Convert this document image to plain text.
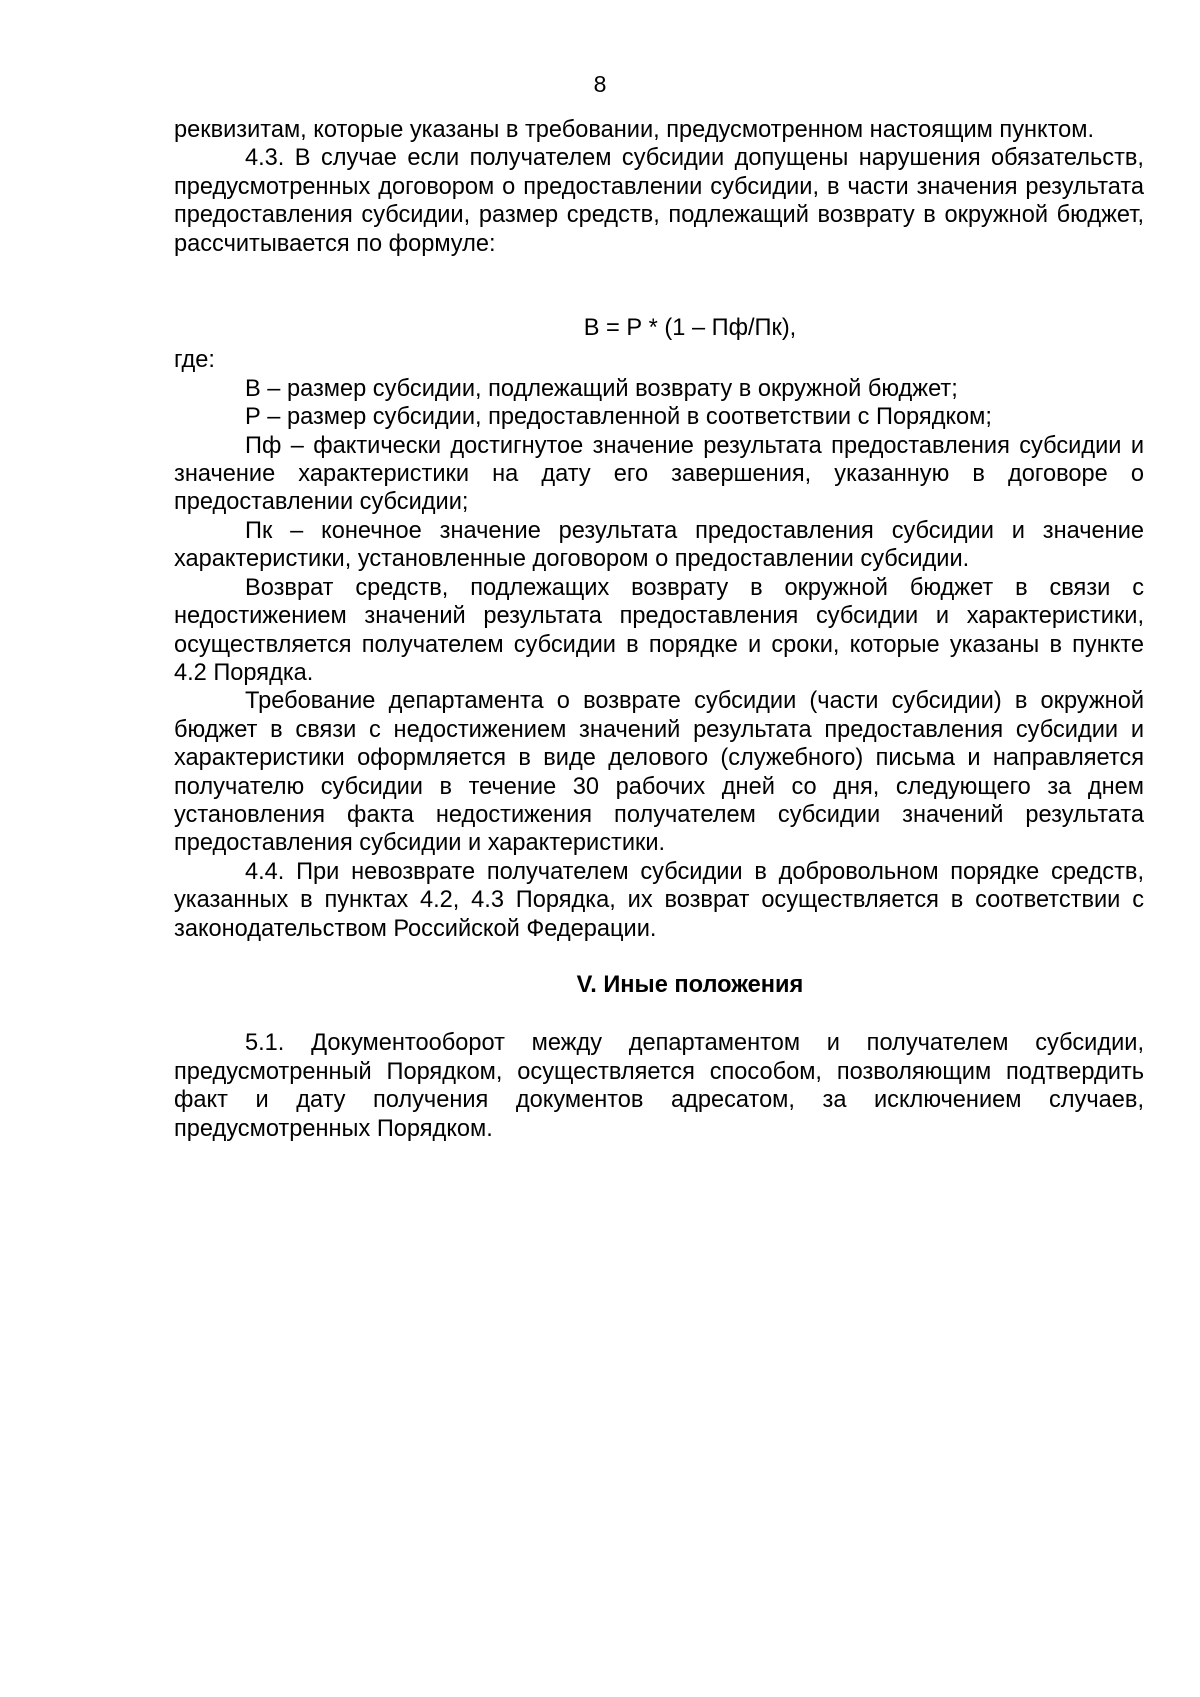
8

реквизитам, которые указаны в требовании, предусмотренном настоящим пунктом.

4.3. В случае если получателем субсидии допущены нарушения обязательств, предусмотренных договором о предоставлении субсидии, в части значения результата предоставления субсидии, размер средств, подлежащий возврату в окружной бюджет, рассчитывается по формуле:

В = Р * (1 – Пф/Пк),

где:

В – размер субсидии, подлежащий возврату в окружной бюджет;

Р – размер субсидии, предоставленной в соответствии с Порядком;

Пф – фактически достигнутое значение результата предоставления субсидии и значение характеристики на дату его завершения, указанную в договоре о предоставлении субсидии;

Пк – конечное значение результата предоставления субсидии и значение характеристики, установленные договором о предоставлении субсидии.

Возврат средств, подлежащих возврату в окружной бюджет в связи с недостижением значений результата предоставления субсидии и характеристики, осуществляется получателем субсидии в порядке и сроки, которые указаны в пункте 4.2 Порядка.

Требование департамента о возврате субсидии (части субсидии) в окружной бюджет в связи с недостижением значений результата предоставления субсидии и характеристики оформляется в виде делового (служебного) письма и направляется получателю субсидии в течение 30 рабочих дней со дня, следующего за днем установления факта недостижения получателем субсидии значений результата предоставления субсидии и характеристики.

4.4. При невозврате получателем субсидии в добровольном порядке средств, указанных в пунктах 4.2, 4.3 Порядка, их возврат осуществляется в соответствии с законодательством Российской Федерации.

V. Иные положения

5.1. Документооборот между департаментом и получателем субсидии, предусмотренный Порядком, осуществляется способом, позволяющим подтвердить факт и дату получения документов адресатом, за исключением случаев, предусмотренных Порядком.
